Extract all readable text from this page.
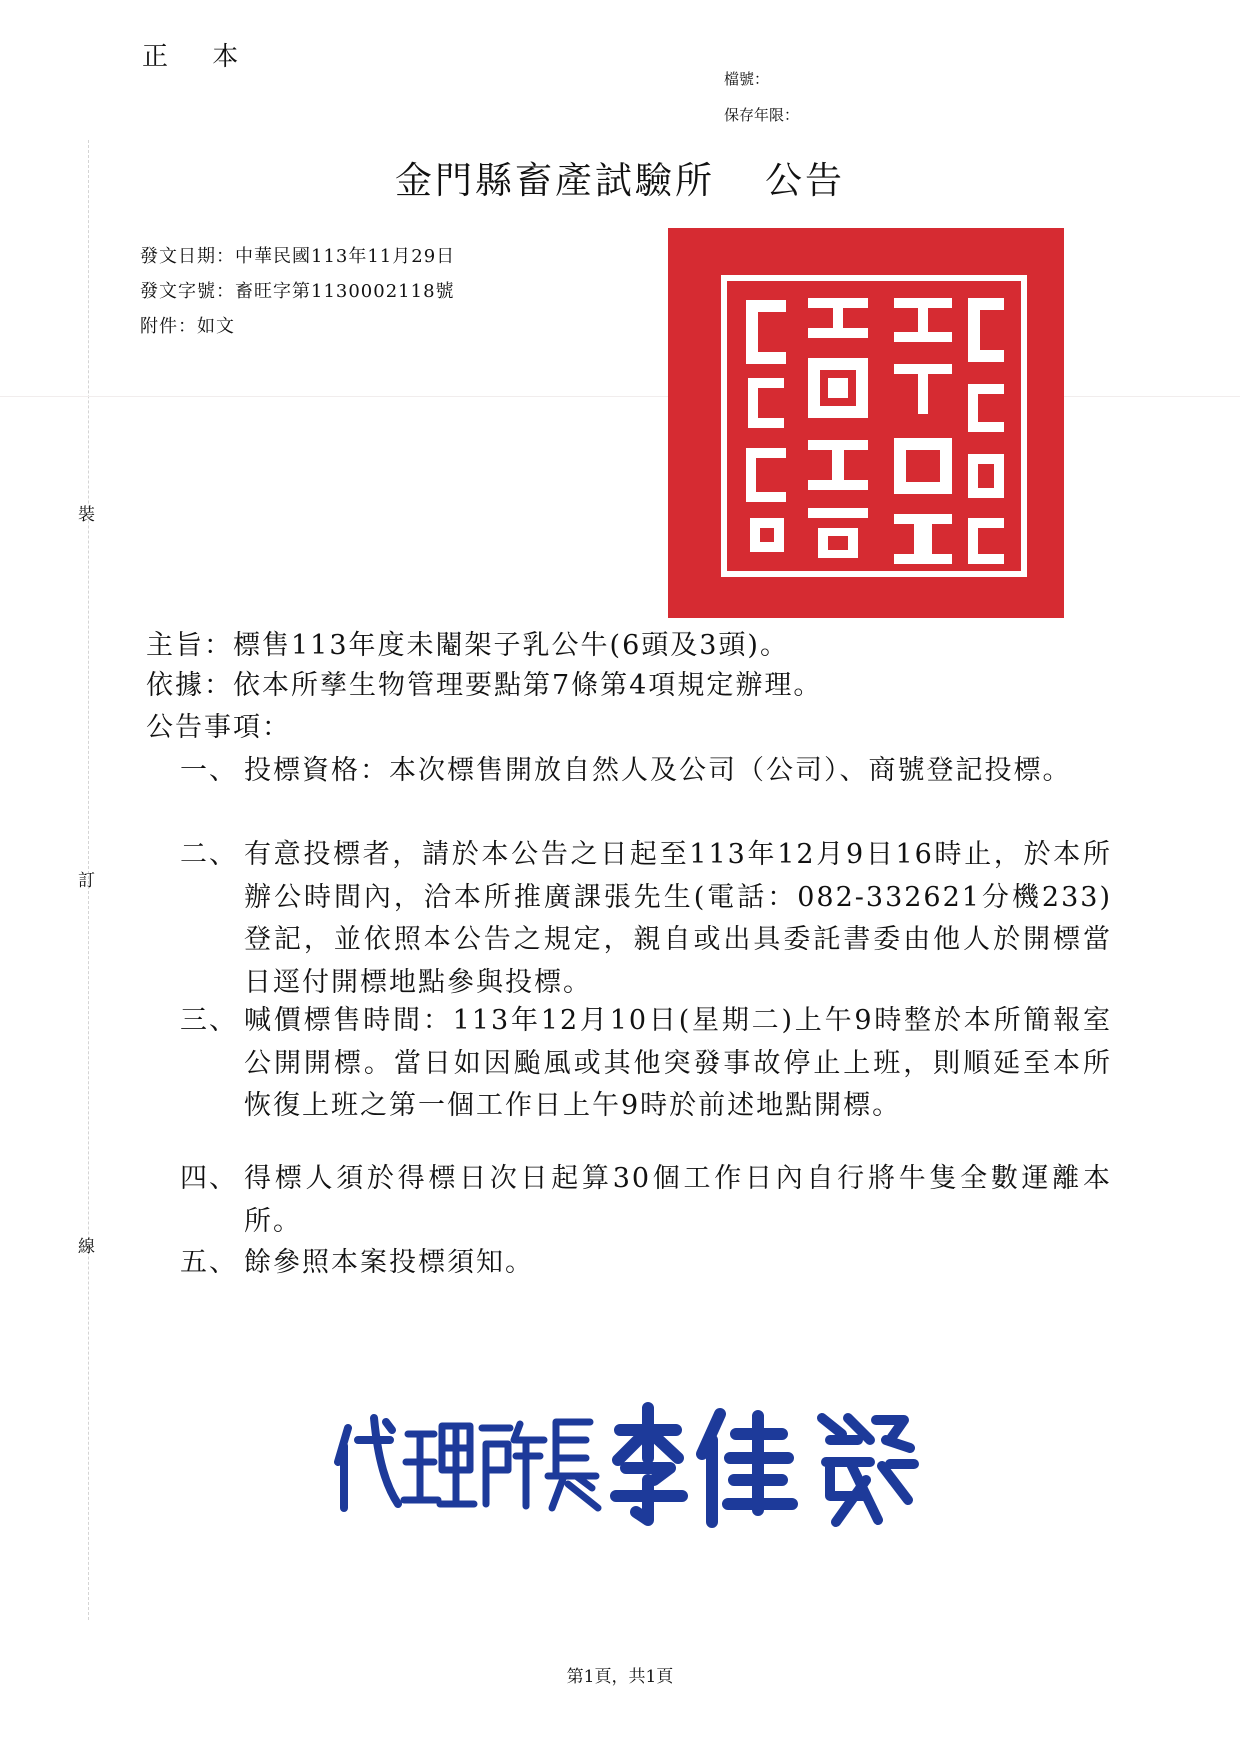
裝
訂
線
正 本
檔號：
保存年限：
金門縣畜產試驗所 公告
發文日期：中華民國113年11月29日
發文字號：畜旺字第1130002118號
附件：如文
主旨：標售113年度未閹架子乳公牛(6頭及3頭)。
依據：依本所孳生物管理要點第7條第4項規定辦理。
公告事項：
一、 投標資格：本次標售開放自然人及公司（公司）、商號登記投標。
二、 有意投標者，請於本公告之日起至113年12月9日16時止，於本所辦公時間內，洽本所推廣課張先生(電話：082-332621分機233)登記，並依照本公告之規定，親自或出具委託書委由他人於開標當日逕付開標地點參與投標。
三、 喊價標售時間：113年12月10日(星期二)上午9時整於本所簡報室公開開標。當日如因颱風或其他突發事故停止上班，則順延至本所恢復上班之第一個工作日上午9時於前述地點開標。
四、 得標人須於得標日次日起算30個工作日內自行將牛隻全數運離本所。
五、 餘參照本案投標須知。
第1頁，共1頁
